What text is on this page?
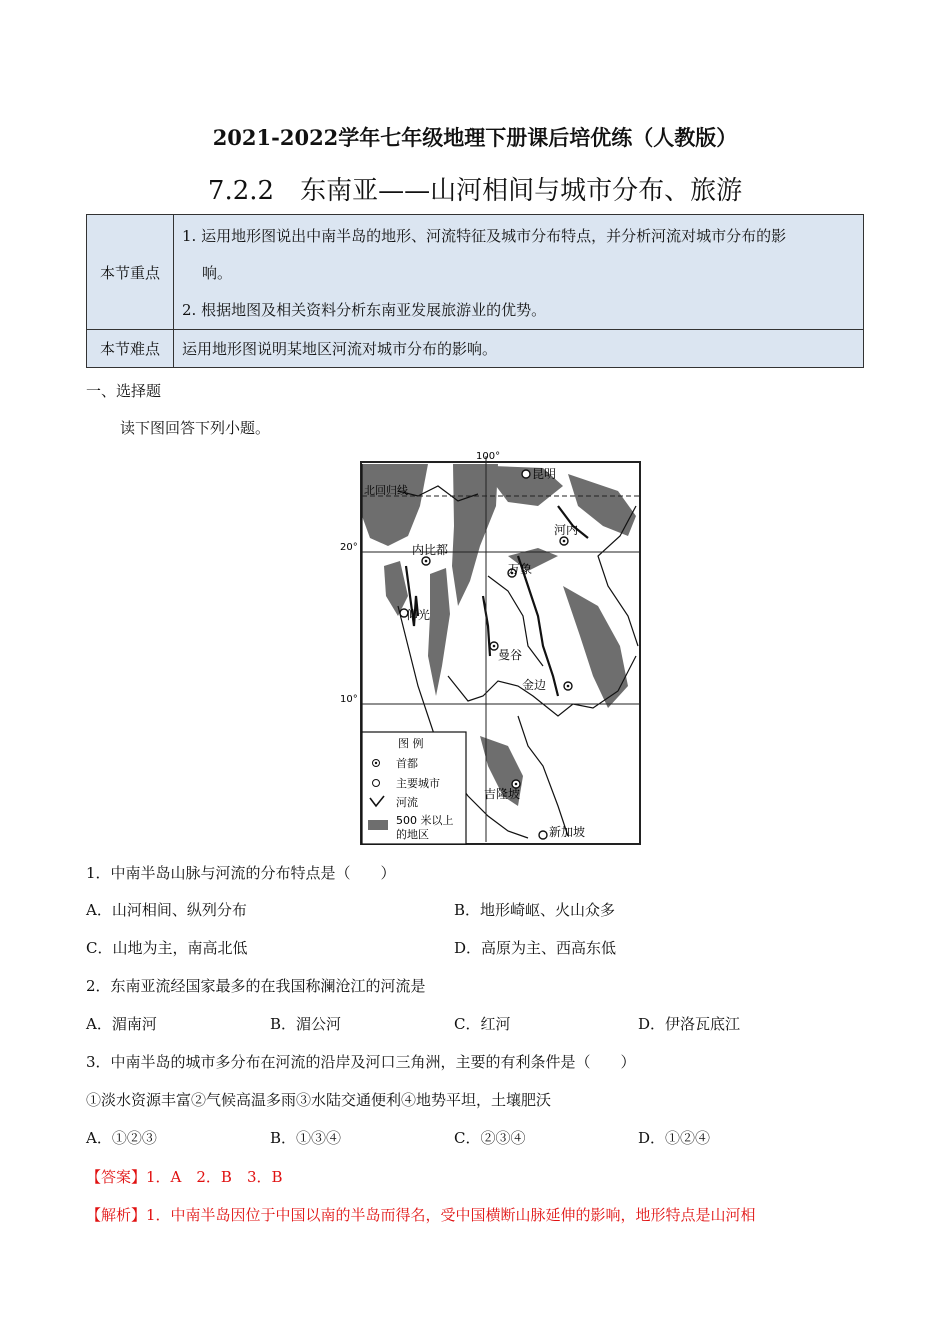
2021-2022学年七年级地理下册课后培优练（人教版）
7.2.2　东南亚——山河相间与城市分布、旅游
本节重点	1. 运用地形图说出中南半岛的地形、河流特征及城市分布特点，并分析河流对城市分布的影
响。
2. 根据地图及相关资料分析东南亚发展旅游业的优势。

本节难点	运用地形图说明某地区河流对城市分布的影响。
一、选择题
读下图回答下列小题。
100°
北回归线
20°
10°
昆明
河内
内比都
万象
仰光
曼谷
金边
吉隆坡
新加坡
图 例
首都
主要城市
河流
500 米以上
的地区
1．中南半岛山脉与河流的分布特点是（　　）
A．山河相间、纵列分布	B．地形崎岖、火山众多
C．山地为主，南高北低	D．高原为主、西高东低
2．东南亚流经国家最多的在我国称澜沧江的河流是
A．湄南河	B．湄公河	C．红河	D．伊洛瓦底江
3．中南半岛的城市多分布在河流的沿岸及河口三角洲，主要的有利条件是（　　）
①淡水资源丰富②气候高温多雨③水陆交通便利④地势平坦，土壤肥沃
A．①②③	B．①③④	C．②③④	D．①②④
【答案】1．A　2．B　3．B
【解析】1．中南半岛因位于中国以南的半岛而得名，受中国横断山脉延伸的影响，地形特点是山河相
